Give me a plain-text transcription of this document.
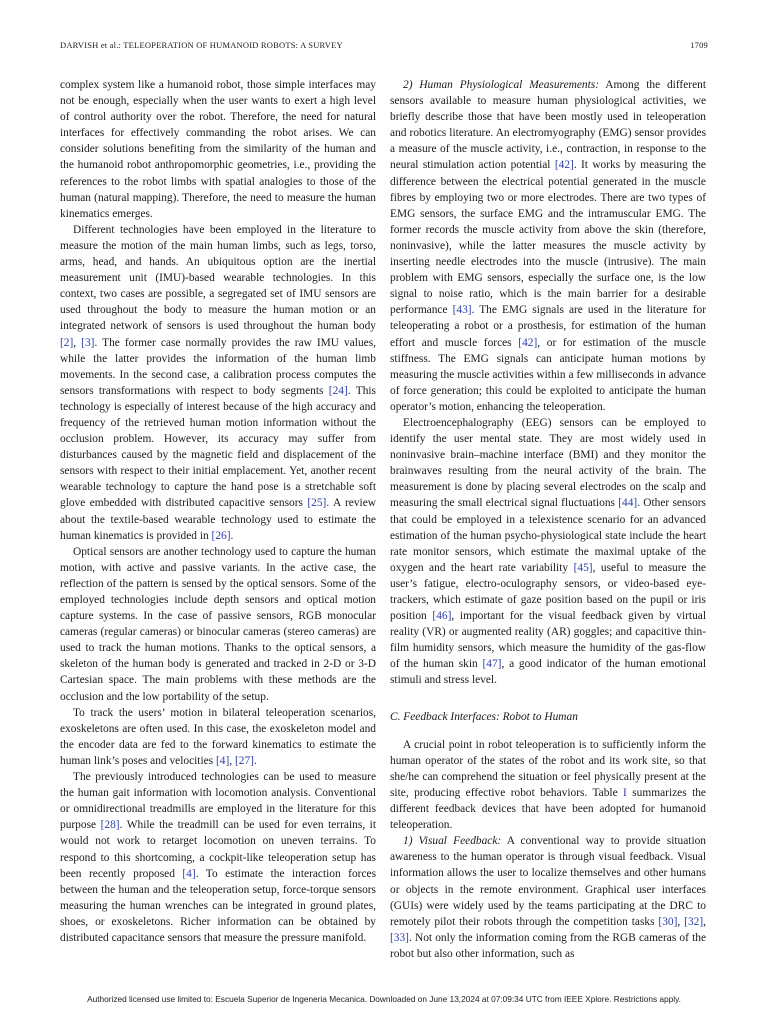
DARVISH et al.: TELEOPERATION OF HUMANOID ROBOTS: A SURVEY	1709

complex system like a humanoid robot, those simple interfaces may not be enough, especially when the user wants to exert a high level of control authority over the robot. Therefore, the need for natural interfaces for effectively commanding the robot arises. We can consider solutions benefiting from the similarity of the human and the humanoid robot anthropomorphic geometries, i.e., providing the references to the robot limbs with spatial analogies to those of the human (natural mapping). Therefore, the need to measure the human kinematics emerges.

Different technologies have been employed in the literature to measure the motion of the main human limbs, such as legs, torso, arms, head, and hands. An ubiquitous option are the inertial measurement unit (IMU)-based wearable technologies. In this context, two cases are possible, a segregated set of IMU sensors are used throughout the body to measure the human motion or an integrated network of sensors is used throughout the human body [2], [3]. The former case normally provides the raw IMU values, while the latter provides the information of the human limb movements. In the second case, a calibration process computes the sensors transformations with respect to body segments [24]. This technology is especially of interest because of the high accuracy and frequency of the retrieved human motion information without the occlusion problem. However, its accuracy may suffer from disturbances caused by the magnetic field and displacement of the sensors with respect to their initial emplacement. Yet, another recent wearable technology to capture the hand pose is a stretchable soft glove embedded with distributed capacitive sensors [25]. A review about the textile-based wearable technology used to estimate the human kinematics is provided in [26].

Optical sensors are another technology used to capture the human motion, with active and passive variants. In the active case, the reflection of the pattern is sensed by the optical sensors. Some of the employed technologies include depth sensors and optical motion capture systems. In the case of passive sensors, RGB monocular cameras (regular cameras) or binocular cameras (stereo cameras) are used to track the human motions. Thanks to the optical sensors, a skeleton of the human body is generated and tracked in 2-D or 3-D Cartesian space. The main problems with these methods are the occlusion and the low portability of the setup.

To track the users’ motion in bilateral teleoperation scenarios, exoskeletons are often used. In this case, the exoskeleton model and the encoder data are fed to the forward kinematics to estimate the human link’s poses and velocities [4], [27].

The previously introduced technologies can be used to measure the human gait information with locomotion analysis. Conventional or omnidirectional treadmills are employed in the literature for this purpose [28]. While the treadmill can be used for even terrains, it would not work to retarget locomotion on uneven terrains. To respond to this shortcoming, a cockpit-like teleoperation setup has been recently proposed [4]. To estimate the interaction forces between the human and the teleoperation setup, force-torque sensors measuring the human wrenches can be integrated in ground plates, shoes, or exoskeletons. Richer information can be obtained by distributed capacitance sensors that measure the pressure manifold.

2) Human Physiological Measurements: Among the different sensors available to measure human physiological activities, we briefly describe those that have been mostly used in teleoperation and robotics literature. An electromyography (EMG) sensor provides a measure of the muscle activity, i.e., contraction, in response to the neural stimulation action potential [42]. It works by measuring the difference between the electrical potential generated in the muscle fibres by employing two or more electrodes. There are two types of EMG sensors, the surface EMG and the intramuscular EMG. The former records the muscle activity from above the skin (therefore, noninvasive), while the latter measures the muscle activity by inserting needle electrodes into the muscle (intrusive). The main problem with EMG sensors, especially the surface one, is the low signal to noise ratio, which is the main barrier for a desirable performance [43]. The EMG signals are used in the literature for teleoperating a robot or a prosthesis, for estimation of the human effort and muscle forces [42], or for estimation of the muscle stiffness. The EMG signals can anticipate human motions by measuring the muscle activities within a few milliseconds in advance of force generation; this could be exploited to anticipate the human operator’s motion, enhancing the teleoperation.

Electroencephalography (EEG) sensors can be employed to identify the user mental state. They are most widely used in noninvasive brain–machine interface (BMI) and they monitor the brainwaves resulting from the neural activity of the brain. The measurement is done by placing several electrodes on the scalp and measuring the small electrical signal fluctuations [44]. Other sensors that could be employed in a telexistence scenario for an advanced estimation of the human psycho-physiological state include the heart rate monitor sensors, which estimate the maximal uptake of the oxygen and the heart rate variability [45], useful to measure the user’s fatigue, electro-oculography sensors, or video-based eye-trackers, which estimate of gaze position based on the pupil or iris position [46], important for the visual feedback given by virtual reality (VR) or augmented reality (AR) goggles; and capacitive thin-film humidity sensors, which measure the humidity of the gas-flow of the human skin [47], a good indicator of the human emotional stimuli and stress level.

C. Feedback Interfaces: Robot to Human

A crucial point in robot teleoperation is to sufficiently inform the human operator of the states of the robot and its work site, so that she/he can comprehend the situation or feel physically present at the site, producing effective robot behaviors. Table I summarizes the different feedback devices that have been adopted for humanoid teleoperation.

1) Visual Feedback: A conventional way to provide situation awareness to the human operator is through visual feedback. Visual information allows the user to localize themselves and other humans or objects in the remote environment. Graphical user interfaces (GUIs) were widely used by the teams participating at the DRC to remotely pilot their robots through the competition tasks [30], [32], [33]. Not only the information coming from the RGB cameras of the robot but also other information, such as

Authorized licensed use limited to: Escuela Superior de Ingeneria Mecanica. Downloaded on June 13,2024 at 07:09:34 UTC from IEEE Xplore. Restrictions apply.
